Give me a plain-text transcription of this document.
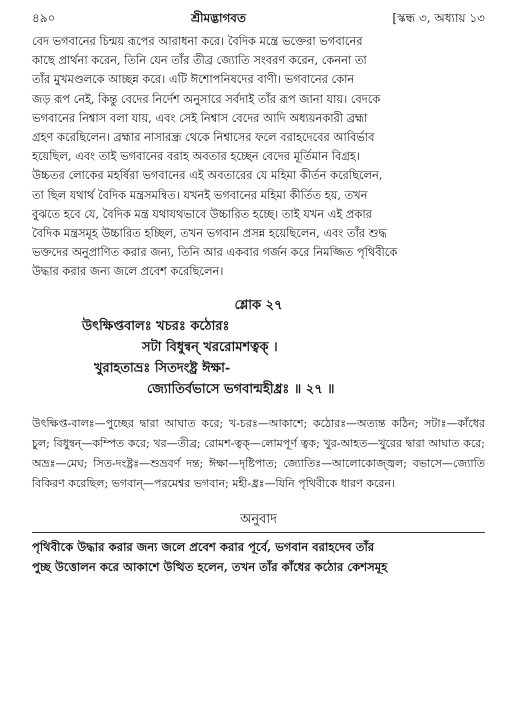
৪৯০	শ্রীমদ্ভাগবত	[স্কন্ধ ৩, অধ্যায় ১৩

বেদ ভগবানের চিন্ময় রূপের আরাধনা করে। বৈদিক মন্ত্রে ভক্তেরা ভগবানের

কাছে প্রার্থনা করেন, তিনি যেন তাঁর তীব্র জ্যোতি সংবরণ করেন, কেননা তা

তাঁর মুখমণ্ডলকে আচ্ছন্ন করে। এটি ঈশোপনিষদের বাণী। ভগবানের কোন

জড় রূপ নেই, কিন্তু বেদের নির্দেশ অনুসারে সর্বদাই তাঁর রূপ জানা যায়। বেদকে

ভগবানের নিশ্বাস বলা যায়, এবং সেই নিশ্বাস বেদের আদি অধ্যয়নকারী ব্রহ্মা

গ্রহণ করেছিলেন। ব্রহ্মার নাসারন্ধ্র থেকে নিশ্বাসের ফলে বরাহদেবের আবির্ভাব

হয়েছিল, এবং তাই ভগবানের বরাহ অবতার হচ্ছেন বেদের মূর্তিমান বিগ্রহ।

উচ্চতর লোকের মহর্ষিরা ভগবানের এই অবতারের যে মহিমা কীর্তন করেছিলেন,

তা ছিল যথার্থ বৈদিক মন্ত্রসমন্বিত। যখনই ভগবানের মহিমা কীর্তিত হয়, তখন

বুঝতে হবে যে, বৈদিক মন্ত্র যথাযথভাবে উচ্চারিত হচ্ছে। তাই যখন এই প্রকার

বৈদিক মন্ত্রসমূহ উচ্চারিত হচ্ছিল, তখন ভগবান প্রসন্ন হয়েছিলেন, এবং তাঁর শুদ্ধ

ভক্তদের অনুপ্রাণিত করার জন্য, তিনি আর একবার গর্জন করে নিমজ্জিত পৃথিবীকে

উদ্ধার করার জন্য জলে প্রবেশ করেছিলেন।

শ্লোক ২৭
উৎক্ষিপ্তবালঃ খচরঃ কঠোরঃ
সটা বিধুন্বন্ খররোমশত্বক্ ।
খুরাহতাভ্রঃ সিতদংষ্ট্র ঈক্ষা-
জ্যোতির্বভাসে ভগবান্মহীধ্রঃ ॥ ২৭ ॥
উৎক্ষিপ্ত-বালঃ—পুচ্ছের দ্বারা আঘাত করে; খ-চরঃ—আকাশে; কঠোরঃ—অত্যন্ত কঠিন; সটাঃ—কাঁধের চুল; বিধুন্বন্—কম্পিত করে; খর—তীব্র; রোমশ-ত্বক্—লোমপূর্ণ ত্বক; খুর-আহত—খুরের দ্বারা আঘাত করে; অভ্রঃ—মেঘ; সিত-দংষ্ট্রঃ—শুভ্রবর্ণ দন্ত; ঈক্ষা—দৃষ্টিপাত; জ্যোতিঃ—আলোকোজ্জ্বল; বভাসে—জ্যোতি বিকিরণ করেছিল; ভগবান্—পরমেশ্বর ভগবান; মহী-ধ্রঃ—যিনি পৃথিবীকে ধারণ করেন।
অনুবাদ

পৃথিবীকে উদ্ধার করার জন্য জলে প্রবেশ করার পূর্বে, ভগবান বরাহদেব তাঁর

পুচ্ছ উত্তোলন করে আকাশে উত্থিত হলেন, তখন তাঁর কাঁধের কঠোর কেশসমূহ
